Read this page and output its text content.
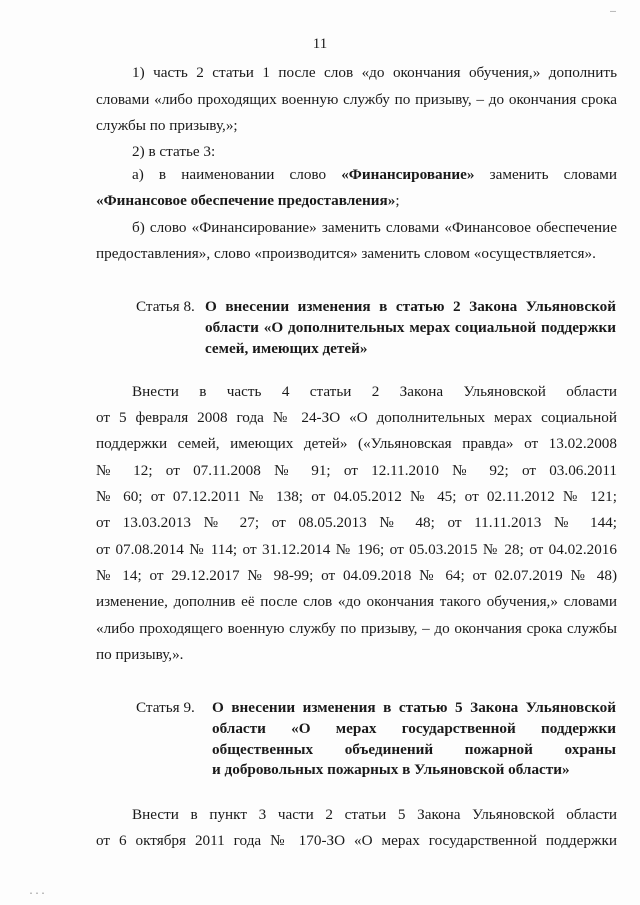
—
11
1) часть 2 статьи 1 после слов «до окончания обучения,» дополнить
словами «либо проходящих военную службу по призыву, – до окончания срока
службы по призыву,»;
2) в статье 3:
а) в наименовании слово «Финансирование» заменить словами
«Финансовое обеспечение предоставления»;
б) слово «Финансирование» заменить словами «Финансовое обеспечение
предоставления», слово «производится» заменить словом «осуществляется».
Статья 8. О внесении изменения в статью 2 Закона Ульяновской
области «О дополнительных мерах социальной поддержки
семей, имеющих детей»
Внести в часть 4 статьи 2 Закона Ульяновской области
от 5 февраля 2008 года № 24-ЗО «О дополнительных мерах социальной
поддержки семей, имеющих детей» («Ульяновская правда» от 13.02.2008
№ 12; от 07.11.2008 № 91; от 12.11.2010 № 92; от 03.06.2011
№ 60; от 07.12.2011 № 138; от 04.05.2012 № 45; от 02.11.2012 № 121;
от 13.03.2013 № 27; от 08.05.2013 № 48; от 11.11.2013 № 144;
от 07.08.2014 № 114; от 31.12.2014 № 196; от 05.03.2015 № 28; от 04.02.2016
№ 14; от 29.12.2017 № 98-99; от 04.09.2018 № 64; от 02.07.2019 № 48)
изменение, дополнив её после слов «до окончания такого обучения,» словами
«либо проходящего военную службу по призыву, – до окончания срока службы
по призыву,».
Статья 9. О внесении изменения в статью 5 Закона Ульяновской
области «О мерах государственной поддержки
общественных объединений пожарной охраны
и добровольных пожарных в Ульяновской области»
Внести в пункт 3 части 2 статьи 5 Закона Ульяновской области
от 6 октября 2011 года № 170-ЗО «О мерах государственной поддержки
...
